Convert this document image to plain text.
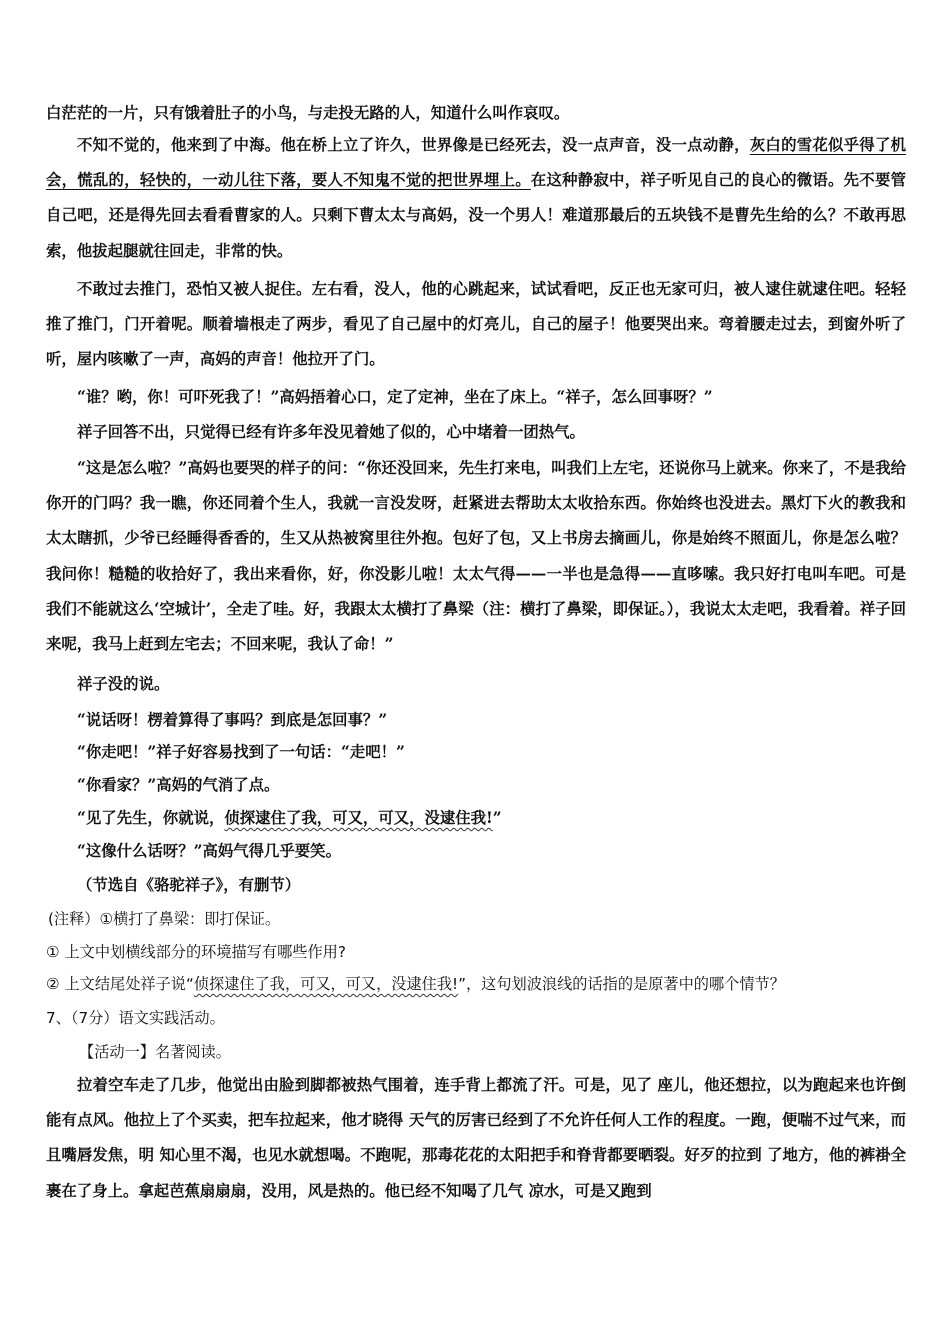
白茫茫的一片，只有饿着肚子的小鸟，与走投无路的人，知道什么叫作哀叹。
不知不觉的，他来到了中海。他在桥上立了许久，世界像是已经死去，没一点声音，没一点动静，灰白的雪花似乎得了机会，慌乱的，轻快的，一动儿往下落，要人不知鬼不觉的把世界埋上。在这种静寂中，祥子听见自己的良心的微语。先不要管自己吧，还是得先回去看看曹家的人。只剩下曹太太与高妈，没一个男人！难道那最后的五块钱不是曹先生给的么？不敢再思索，他拔起腿就往回走，非常的快。
不敢过去推门，恐怕又被人捉住。左右看，没人，他的心跳起来，试试看吧，反正也无家可归，被人逮住就逮住吧。轻轻推了推门，门开着呢。顺着墙根走了两步，看见了自己屋中的灯亮儿，自己的屋子！他要哭出来。弯着腰走过去，到窗外听了听，屋内咳嗽了一声，高妈的声音！他拉开了门。
“谁？哟，你！可吓死我了！”高妈捂着心口，定了定神，坐在了床上。“祥子，怎么回事呀？”
祥子回答不出，只觉得已经有许多年没见着她了似的，心中堵着一团热气。
“这是怎么啦？”高妈也要哭的样子的问：“你还没回来，先生打来电，叫我们上左宅，还说你马上就来。你来了，不是我给你开的门吗？我一瞧，你还同着个生人，我就一言没发呀，赶紧进去帮助太太收拾东西。你始终也没进去。黑灯下火的教我和太太瞎抓，少爷已经睡得香香的，生又从热被窝里往外抱。包好了包，又上书房去摘画儿，你是始终不照面儿，你是怎么啦？我问你！糙糙的收拾好了，我出来看你，好，你没影儿啦！太太气得——一半也是急得——直哆嗦。我只好打电叫车吧。可是我们不能就这么‘空城计’，全走了哇。好，我跟太太横打了鼻梁（注：横打了鼻梁，即保证。），我说太太走吧，我看着。祥子回来呢，我马上赶到左宅去；不回来呢，我认了命！”
祥子没的说。
“说话呀！楞着算得了事吗？到底是怎回事？”
“你走吧！”祥子好容易找到了一句话：“走吧！”
“你看家？”高妈的气消了点。
“见了先生，你就说，侦探逮住了我，可又，可又，没逮住我!”
“这像什么话呀？”高妈气得几乎要笑。
（节选自《骆驼祥子》，有删节）
(注释）①横打了鼻梁：即打保证。
① 上文中划横线部分的环境描写有哪些作用?
② 上文结尾处祥子说“侦探逮住了我，可又，可又，没逮住我!”，这句划波浪线的话指的是原著中的哪个情节？
7、（7分）语文实践活动。
【活动一】名著阅读。
拉着空车走了几步，他觉出由脸到脚都被热气围着，连手背上都流了汗。可是，见了 座儿，他还想拉，以为跑起来也许倒能有点风。他拉上了个买卖，把车拉起来，他才晓得 天气的厉害已经到了不允许任何人工作的程度。一跑，便喘不过气来，而且嘴唇发焦，明 知心里不渴，也见水就想喝。不跑呢，那毒花花的太阳把手和脊背都要晒裂。好歹的拉到 了地方，他的裤褂全裹在了身上。拿起芭蕉扇扇扇，没用，风是热的。他已经不知喝了几气 凉水，可是又跑到
